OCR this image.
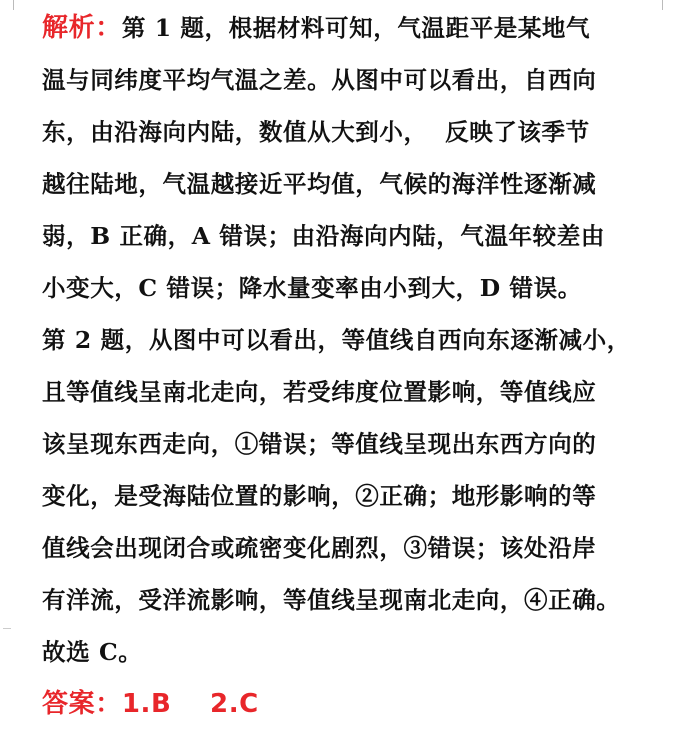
解析：第 1 题，根据材料可知，气温距平是某地气
温与同纬度平均气温之差。从图中可以看出，自西向
东，由沿海向内陆，数值从大到小，  反映了该季节
越往陆地，气温越接近平均值，气候的海洋性逐渐减
弱，B 正确，A 错误；由沿海向内陆，气温年较差由
小变大，C 错误；降水量变率由小到大，D 错误。
第 2 题，从图中可以看出，等值线自西向东逐渐减小，
且等值线呈南北走向，若受纬度位置影响，等值线应
该呈现东西走向，①错误；等值线呈现出东西方向的
变化，是受海陆位置的影响，②正确；地形影响的等
值线会出现闭合或疏密变化剧烈，③错误；该处沿岸
有洋流，受洋流影响，等值线呈现南北走向，④正确。
故选 C。
答案：1.B    2.C
